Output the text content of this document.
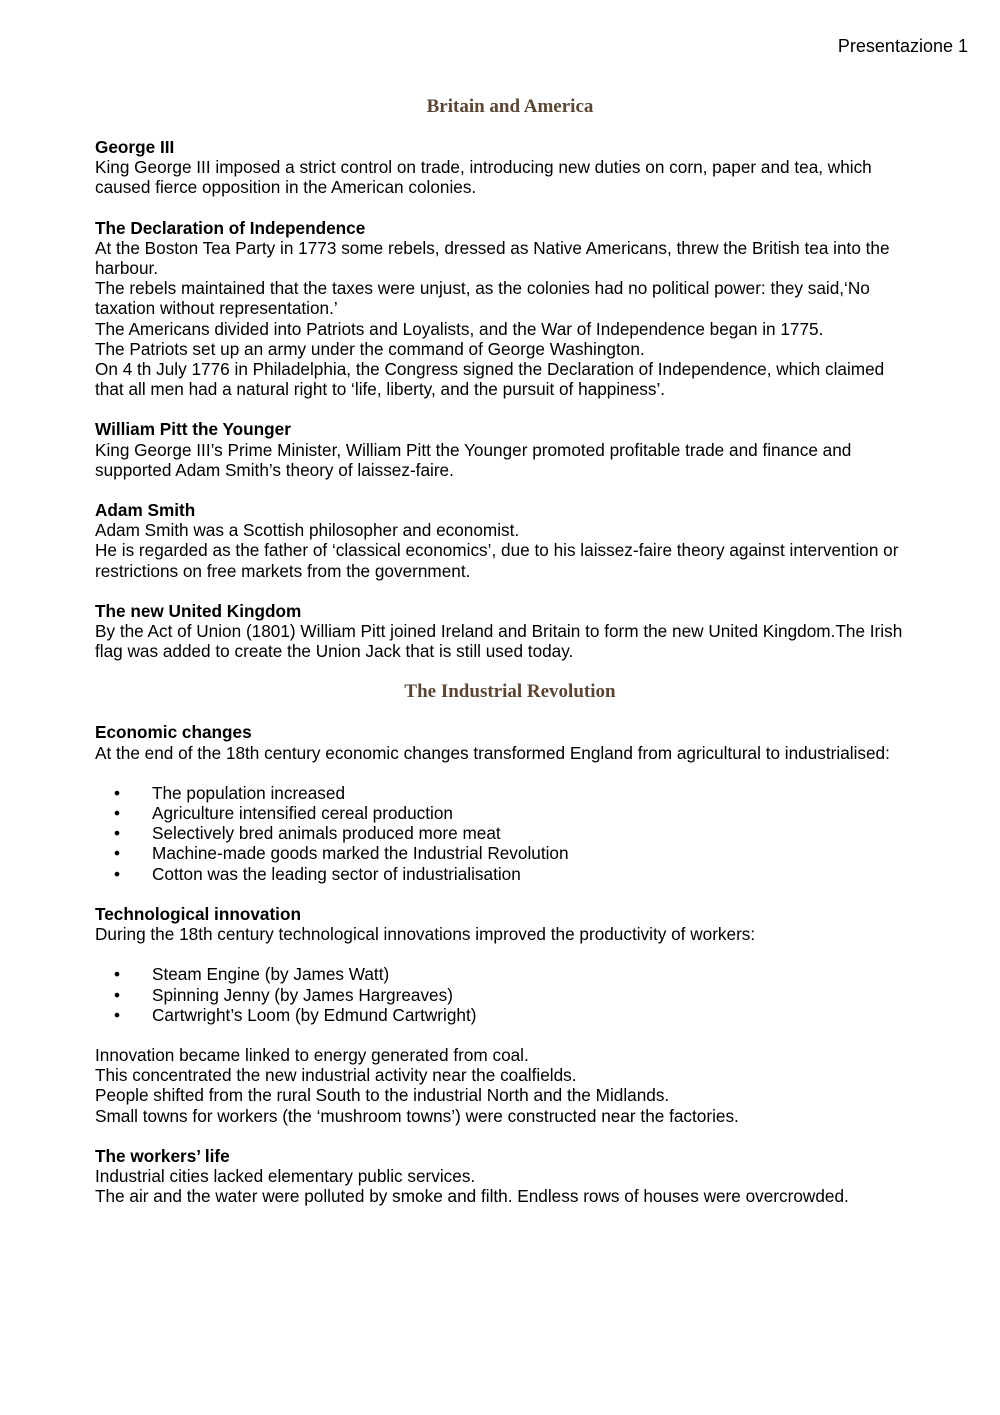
Presentazione 1
Britain and America

George III

King George III imposed a strict control on trade, introducing new duties on corn, paper and tea, which caused fierce opposition in the American colonies.

The Declaration of Independence

At the Boston Tea Party in 1773 some rebels, dressed as Native Americans, threw the British tea into the harbour.

The rebels maintained that the taxes were unjust, as the colonies had no political power: they said,‘No taxation without representation.’

The Americans divided into Patriots and Loyalists, and the War of Independence began in 1775.

The Patriots set up an army under the command of George Washington.

On 4 th July 1776 in Philadelphia, the Congress signed the Declaration of Independence, which claimed that all men had a natural right to ‘life, liberty, and the pursuit of happiness’.

William Pitt the Younger

King George III’s Prime Minister, William Pitt the Younger promoted profitable trade and finance and supported Adam Smith’s theory of laissez-faire.

Adam Smith

Adam Smith was a Scottish philosopher and economist.

He is regarded as the father of ‘classical economics’, due to his laissez-faire theory against intervention or restrictions on free markets from the government.

The new United Kingdom

By the Act of Union (1801) William Pitt joined Ireland and Britain to form the new United Kingdom.The Irish flag was added to create the Union Jack that is still used today.

The Industrial Revolution

Economic changes

At the end of the 18th century economic changes transformed England from agricultural to industrialised:

• The population increased
• Agriculture intensified cereal production
• Selectively bred animals produced more meat
• Machine-made goods marked the Industrial Revolution
• Cotton was the leading sector of industrialisation

Technological innovation

During the 18th century technological innovations improved the productivity of workers:

• Steam Engine (by James Watt)
• Spinning Jenny (by James Hargreaves)
• Cartwright’s Loom (by Edmund Cartwright)

Innovation became linked to energy generated from coal.

This concentrated the new industrial activity near the coalfields.

People shifted from the rural South to the industrial North and the Midlands.

Small towns for workers (the ‘mushroom towns’) were constructed near the factories.

The workers’ life

Industrial cities lacked elementary public services.

The air and the water were polluted by smoke and filth. Endless rows of houses were overcrowded.
